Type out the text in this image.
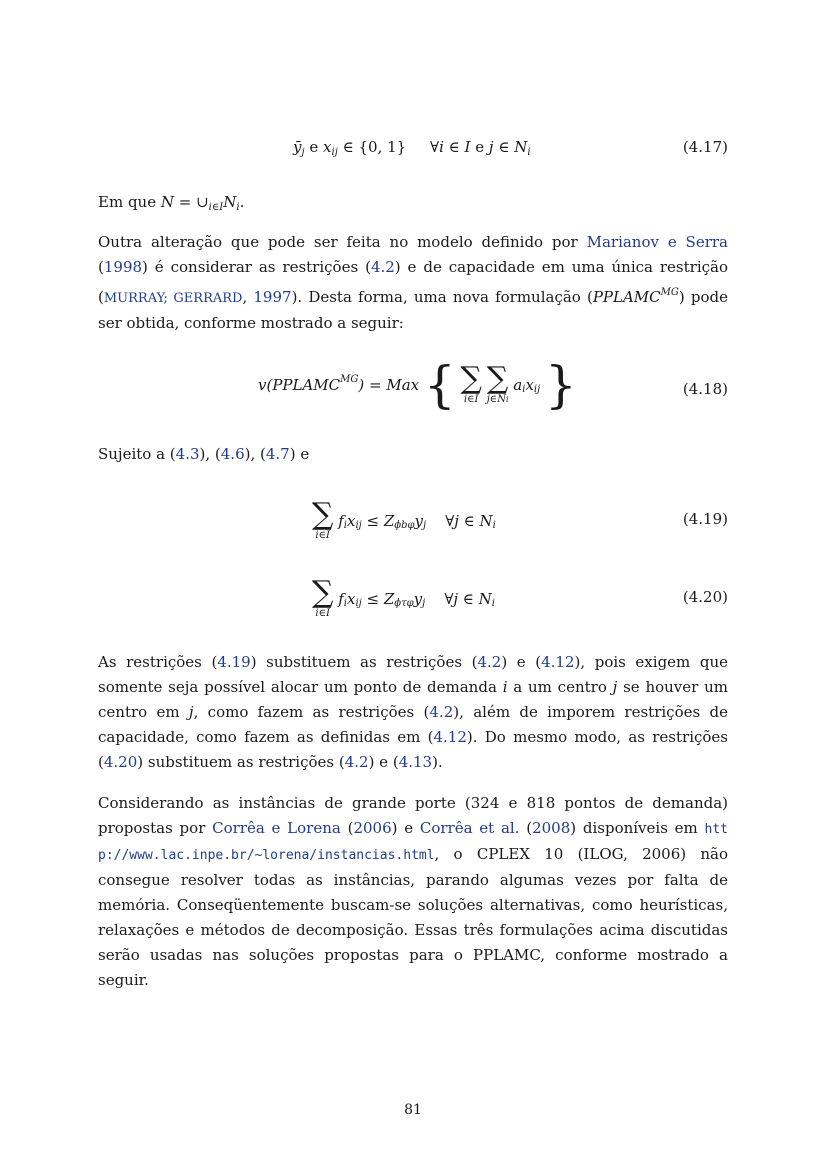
$ȳ_j$ e $x_{ij}$ ∈ {0, 1} ∀i ∈ I e j ∈ $N_i$	(4.17)
Em que $N = \cup_{i\in I}N_i$.
Outra alteração que pode ser feita no modelo definido por Marianov e Serra (1998) é considerar as restrições (4.2) e de capacidade em uma única restrição (MURRAY; GERRARD, 1997). Desta forma, uma nova formulação $(PPLAMC^{MG})$ pode ser obtida, conforme mostrado a seguir:
$v(PPLAMC^{MG})$ = Max { ∑
i∈I

∑
j∈Ni
$a_ix_{ij}$ }	(4.18)
Sujeito a (4.3), (4.6), (4.7) e
∑
i∈I
$f_ix_{ij} \le Z_{\phi b\varphi}y_j$ ∀j ∈ $N_i$	(4.19)
∑
i∈I
$f_ix_{ij} \le Z_{\phi\tau\varphi}y_j$ ∀j ∈ $N_i$	(4.20)
As restrições (4.19) substituem as restrições (4.2) e (4.12), pois exigem que somente seja possível alocar um ponto de demanda i a um centro j se houver um centro em j, como fazem as restrições (4.2), além de imporem restrições de capacidade, como fazem as definidas em (4.12). Do mesmo modo, as restrições (4.20) substituem as restrições (4.2) e (4.13).
Considerando as instâncias de grande porte (324 e 818 pontos de demanda) propostas por Corrêa e Lorena (2006) e Corrêa et al. (2008) disponíveis em http://www.lac.inpe.br/~lorena/instancias.html, o CPLEX 10 (ILOG, 2006) não consegue resolver todas as instâncias, parando algumas vezes por falta de memória. Conseqüentemente buscam-se soluções alternativas, como heurísticas, relaxações e métodos de decomposição. Essas três formulações acima discutidas serão usadas nas soluções propostas para o PPLAMC, conforme mostrado a seguir.
81
